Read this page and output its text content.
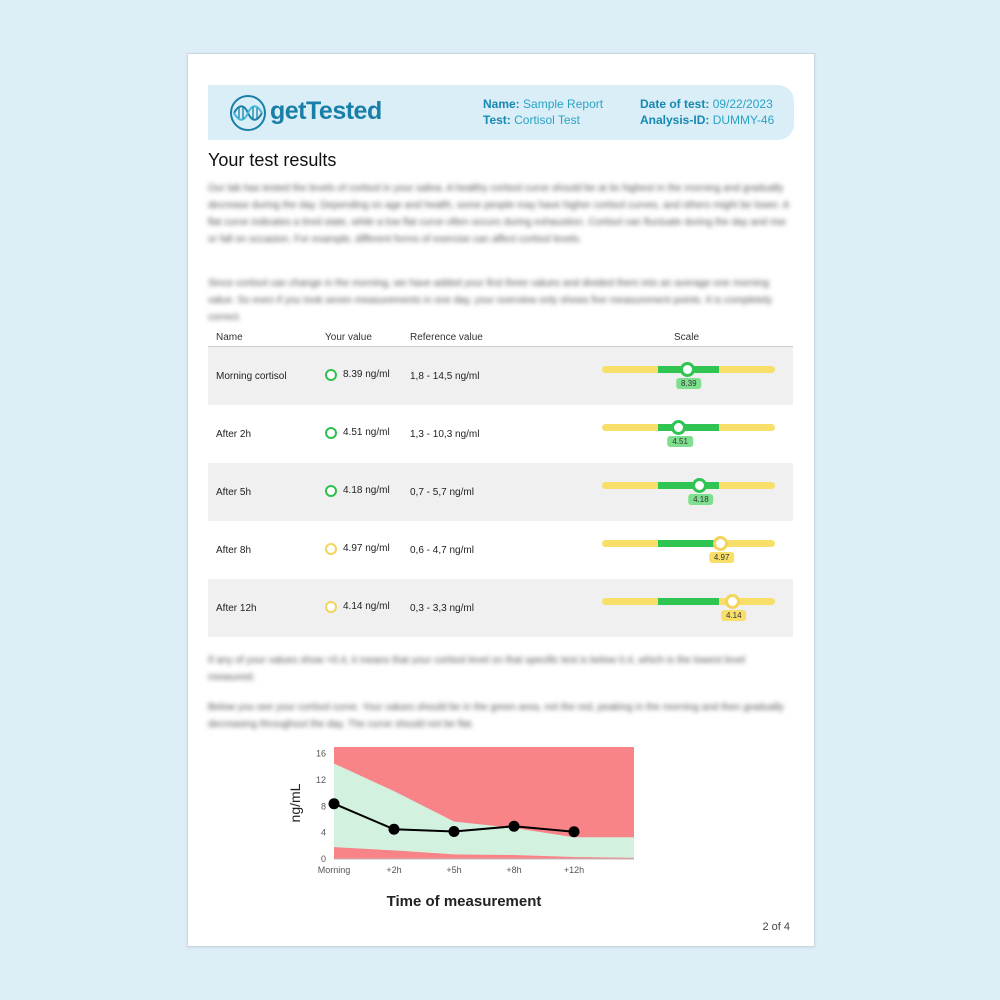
getTested	Name: Sample Report
Test: Cortisol Test
Date of test: 09/22/2023
Analysis-ID: DUMMY-46
Your test results
Our lab has tested the levels of cortisol in your saliva. A healthy cortisol curve should be at its highest in the morning and gradually decrease during the day. Depending on age and health, some people may have higher cortisol curves, and others might be lower. A flat curve indicates a tired state, while a low flat curve often occurs during exhaustion. Cortisol can fluctuate during the day and rise or fall on occasion. For example, different forms of exercise can affect cortisol levels.
Since cortisol can change in the morning, we have added your first three values and divided them into an average one morning value. So even if you took seven measurements in one day, your overview only shows five measurement points. It is completely correct.
Name	Your value	Reference value	Scale
Morning cortisol	8.39 ng/ml	1,8 - 14,5 ng/ml	8.39

After 2h	4.51 ng/ml	1,3 - 10,3 ng/ml	4.51

After 5h	4.18 ng/ml	0,7 - 5,7 ng/ml	4.18

After 8h	4.97 ng/ml	0,6 - 4,7 ng/ml	4.97

After 12h	4.14 ng/ml	0,3 - 3,3 ng/ml	4.14
If any of your values show <0.4, it means that your cortisol level on that specific test is below 0.4, which is the lowest level measured.
Below you see your cortisol curve. Your values should be in the green area, not the red, peaking in the morning and then gradually decreasing throughout the day. The curve should not be flat.
0
4
8
12
16
Morning	+2h	+5h	+8h	+12h
ng/mL
Time of measurement
2 of 4
